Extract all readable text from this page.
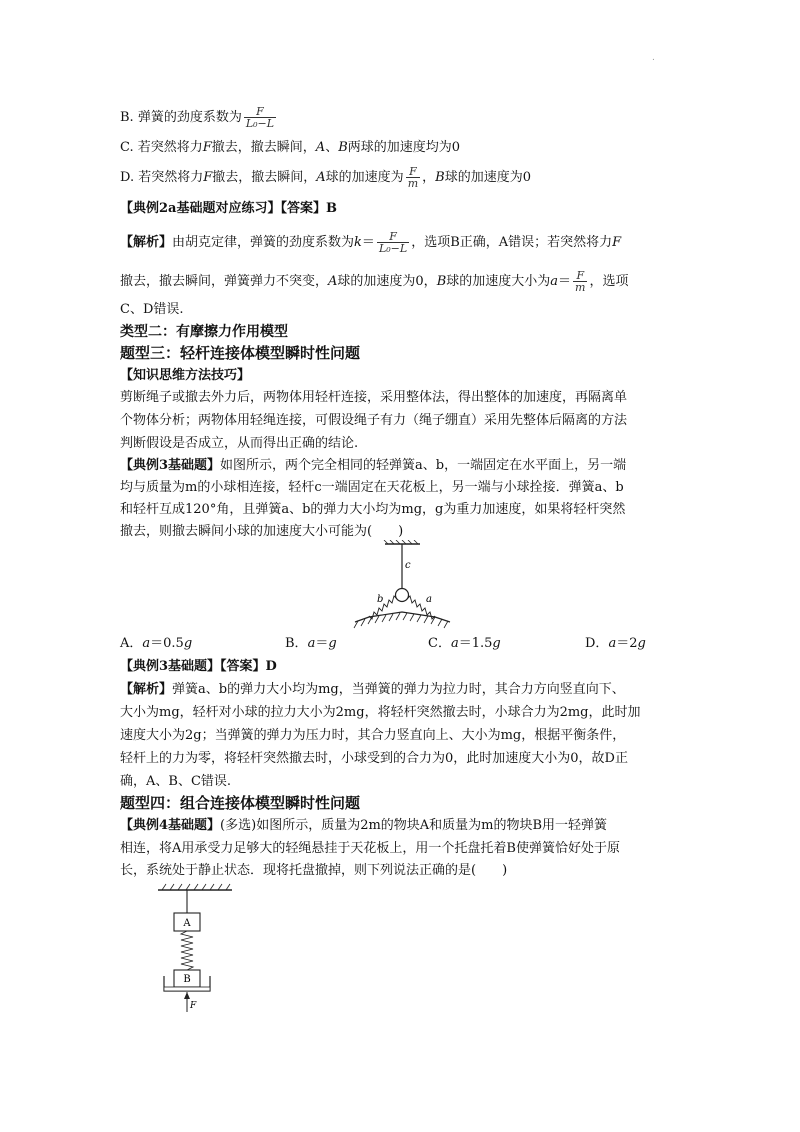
.
B. 弹簧的劲度系数为 $\frac{F}{\text{L₀−L}}$
C. 若突然将力F撤去，撤去瞬间，A、B两球的加速度均为0
D. 若突然将力F撤去，撤去瞬间，A球的加速度为 $\frac{F}{m}$ ，B球的加速度为0
【典例2a基础题对应练习】【答案】B
【解析】由胡克定律，弹簧的劲度系数为$k= \frac{F}{\text{L₀−L}}$ ，选项B正确，A错误；若突然将力F
撤去，撤去瞬间，弹簧弹力不突变，A球的加速度为0，B球的加速度大小为$a= \frac{F}{m}$ ，选项
C、D错误.
类型二：有摩擦力作用模型
题型三：轻杆连接体模型瞬时性问题
【知识思维方法技巧】
剪断绳子或撤去外力后，两物体用轻杆连接，采用整体法，得出整体的加速度，再隔离单
个物体分析；两物体用轻绳连接，可假设绳子有力（绳子绷直）采用先整体后隔离的方法
判断假设是否成立，从而得出正确的结论.
【典例3基础题】如图所示，两个完全相同的轻弹簧a、b，一端固定在水平面上，另一端
均与质量为m的小球相连接，轻杆c一端固定在天花板上，另一端与小球拴接．弹簧a、b
和轻杆互成120°角，且弹簧a、b的弹力大小均为mg，g为重力加速度，如果将轻杆突然
撤去，则撤去瞬间小球的加速度大小可能为(　　)
c
b	a
A．a＝0.5g	B．a＝g	C．a＝1.5g	D．a＝2g
【典例3基础题】【答案】D
【解析】弹簧a、b的弹力大小均为mg，当弹簧的弹力为拉力时，其合力方向竖直向下、
大小为mg，轻杆对小球的拉力大小为2mg，将轻杆突然撤去时，小球合力为2mg，此时加
速度大小为2g；当弹簧的弹力为压力时，其合力竖直向上、大小为mg，根据平衡条件，
轻杆上的力为零，将轻杆突然撤去时，小球受到的合力为0，此时加速度大小为0，故D正
确，A、B、C错误.
题型四：组合连接体模型瞬时性问题
【典例4基础题】(多选)如图所示，质量为2m的物块A和质量为m的物块B用一轻弹簧
相连，将A用承受力足够大的轻绳悬挂于天花板上，用一个托盘托着B使弹簧恰好处于原
长，系统处于静止状态．现将托盘撤掉，则下列说法正确的是(　　)
A
B
F
